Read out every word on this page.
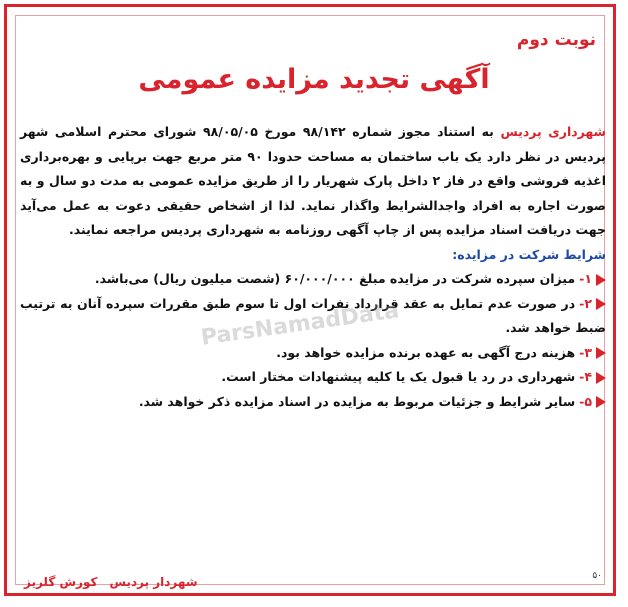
نوبت دوم
آگهی تجدید مزایده عمومی
شهرداری پردیس به استناد مجوز شماره ۹۸/۱۴۲ مورخ ۹۸/۰۵/۰۵ شورای محترم اسلامی شهر پردیس در نظر دارد یک باب ساختمان به مساحت حدودا ۹۰ متر مربع جهت برپایی و بهره‌برداری اغذیه فروشی واقع در فاز ۲ داخل پارک شهریار را از طریق مزایده عمومی به مدت دو سال و به صورت اجاره به افراد واجدالشرایط واگذار نماید. لذا از اشخاص حقیقی دعوت به عمل می‌آید جهت دریافت اسناد مزایده پس از چاپ آگهی روزنامه به شهرداری پردیس مراجعه نمایند.
شرایط شرکت در مزایده:
۱-میزان سپرده شرکت در مزایده مبلغ ۶۰/۰۰۰/۰۰۰ (شصت میلیون ریال) می‌باشد.
۲-در صورت عدم تمایل به عقد قرارداد نفرات اول تا سوم طبق مقررات سپرده آنان به ترتیب ضبط خواهد شد.
۳-هزینه درج آگهی به عهده برنده مزایده خواهد بود.
۴-شهرداری در رد یا قبول یک یا کلیه پیشنهادات مختار است.
۵-سایر شرایط و جزئیات مربوط به مزایده در اسناد مزایده ذکر خواهد شد.
ParsNamadData
شهردار پردیسکورش گلریز	۵۰
